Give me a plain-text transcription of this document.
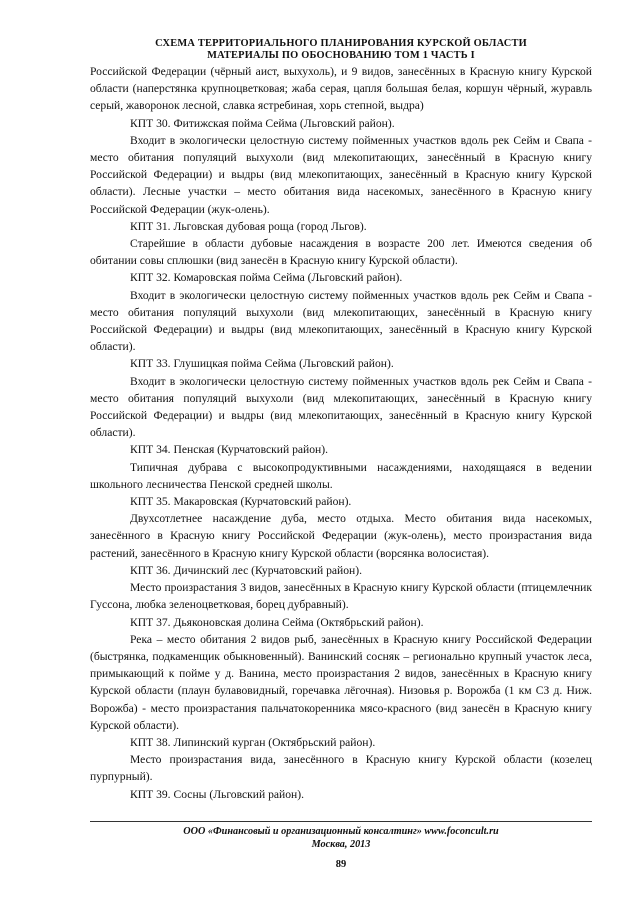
СХЕМА ТЕРРИТОРИАЛЬНОГО ПЛАНИРОВАНИЯ КУРСКОЙ ОБЛАСТИ
МАТЕРИАЛЫ ПО ОБОСНОВАНИЮ ТОМ 1 ЧАСТЬ I

Российской Федерации (чёрный аист, выхухоль), и 9 видов, занесённых в Красную книгу Курской области (наперстянка крупноцветковая; жаба серая, цапля большая белая, коршун чёрный, журавль серый, жаворонок лесной, славка ястребиная, хорь степной, выдра)

КПТ 30. Фитижская пойма Сейма (Льговский район).

Входит в экологически целостную систему пойменных участков вдоль рек Сейм и Свапа - место обитания популяций выхухоли (вид млекопитающих, занесённый в Красную книгу Российской Федерации) и выдры (вид млекопитающих, занесённый в Красную книгу Курской области). Лесные участки – место обитания вида насекомых, занесённого в Красную книгу Российской Федерации (жук-олень).

КПТ 31. Льговская дубовая роща (город Льгов).

Старейшие в области дубовые насаждения в возрасте 200 лет. Имеются сведения об обитании совы сплюшки (вид занесён в Красную книгу Курской области).

КПТ 32. Комаровская пойма Сейма (Льговский район).

Входит в экологически целостную систему пойменных участков вдоль рек Сейм и Свапа - место обитания популяций выхухоли (вид млекопитающих, занесённый в Красную книгу Российской Федерации) и выдры (вид млекопитающих, занесённый в Красную книгу Курской области).

КПТ 33. Глушицкая пойма Сейма (Льговский район).

Входит в экологически целостную систему пойменных участков вдоль рек Сейм и Свапа - место обитания популяций выхухоли (вид млекопитающих, занесённый в Красную книгу Российской Федерации) и выдры (вид млекопитающих, занесённый в Красную книгу Курской области).

КПТ 34. Пенская (Курчатовский район).

Типичная дубрава с высокопродуктивными насаждениями, находящаяся в ведении школьного лесничества Пенской средней школы.

КПТ 35. Макаровская (Курчатовский район).

Двухсотлетнее насаждение дуба, место отдыха. Место обитания вида насекомых, занесённого в Красную книгу Российской Федерации (жук-олень), место произрастания вида растений, занесённого в Красную книгу Курской области (ворсянка волосистая).

КПТ 36. Дичинский лес (Курчатовский район).

Место произрастания 3 видов, занесённых в Красную книгу Курской области (птицемлечник Гуссона, любка зеленоцветковая, борец дубравный).

КПТ 37. Дьяконовская долина Сейма (Октябрьский район).

Река – место обитания 2 видов рыб, занесённых в Красную книгу Российской Федерации (быстрянка, подкаменщик обыкновенный). Ванинский сосняк – регионально крупный участок леса, примыкающий к пойме у д. Ванина, место произрастания 2 видов, занесённых в Красную книгу Курской области (плаун булавовидный, горечавка лёгочная). Низовья р. Ворожба (1 км СЗ д. Ниж. Ворожба) - место произрастания пальчатокоренника мясо-красного (вид занесён в Красную книгу Курской области).

КПТ 38. Липинский курган (Октябрьский район).

Место произрастания вида, занесённого в Красную книгу Курской области (козелец пурпурный).

КПТ 39. Сосны (Льговский район).

ООО «Финансовый и организационный консалтинг» www.foconcult.ru
Москва, 2013
89
